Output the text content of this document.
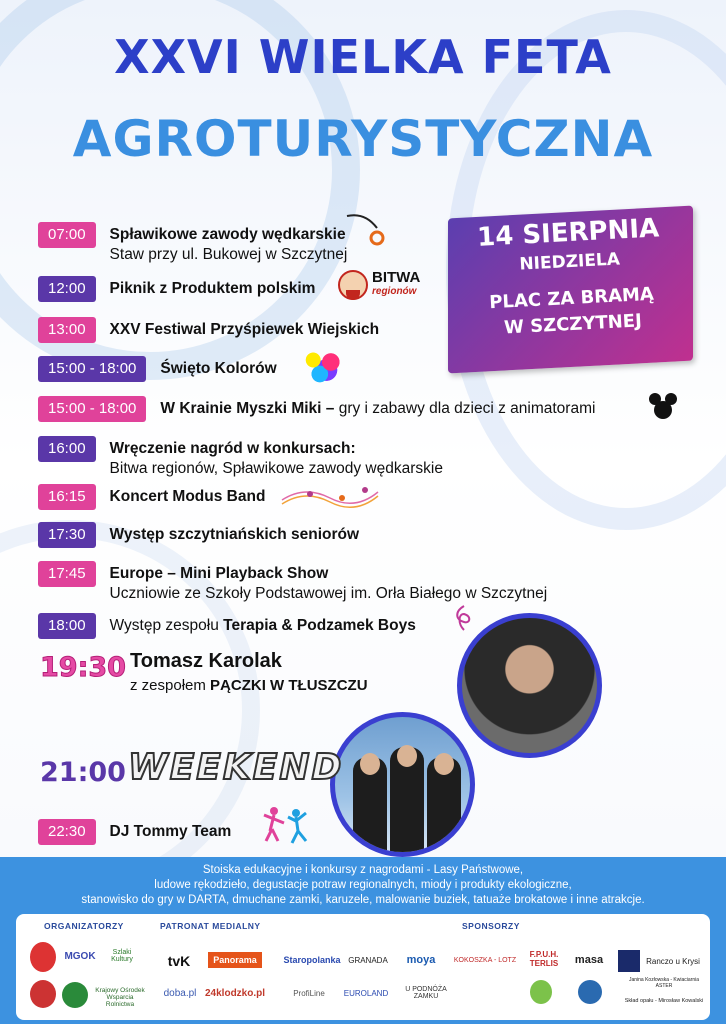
XXVI WIELKA FETA
AGROTURYSTYCZNA
14 SIERPNIA
NIEDZIELA
PLAC ZA BRAMĄ
W SZCZYTNEJ
07:00	Spławikowe zawody wędkarskie
Staw przy ul. Bukowej w Szczytnej
12:00	Piknik z Produktem polskim
BITWA
regionów
13:00	XXV Festiwal Przyśpiewek Wiejskich
15:00 - 18:00	Święto Kolorów
15:00 - 18:00	W Krainie Myszki Miki – gry i zabawy dla dzieci z animatorami
16:00	Wręczenie nagród w konkursach:
Bitwa regionów, Spławikowe zawody wędkarskie
16:15	Koncert Modus Band
17:30	Występ szczytniańskich seniorów
17:45	Europe – Mini Playback Show
Uczniowie ze Szkoły Podstawowej im. Orła Białego w Szczytnej
18:00	Występ zespołu Terapia & Podzamek Boys
19:30 Tomasz Karolak
z zespołem PĄCZKI W TŁUSZCZU
21:00 WEEKEND
22:30	DJ Tommy Team
Stoiska edukacyjne i konkursy z nagrodami - Lasy Państwowe,
ludowe rękodzieło, degustacje potraw regionalnych, miody i produkty ekologiczne,
stanowisko do gry w DARTA, dmuchane zamki, karuzele, malowanie buziek, tatuaże brokatowe i inne atrakcje.
ORGANIZATORZY	PATRONAT MEDIALNY	SPONSORZY
MGOK	Szlaki Kultury
Krajowy Ośrodek Wsparcia Rolnictwa
tvK	Panorama
doba.pl 24klodzko.pl
Staropolanka GRANADA	moya	KOKOSZKA - LOTZ
F.P.U.H. TERLIS	masa	Ranczo u Krysi
ProfiLine	EUROLAND	U PODNÓŻA ZAMKU
Janina Kozłowska - Kwiaciarnia ASTER
Skład opału - Mirosław Kowalski
